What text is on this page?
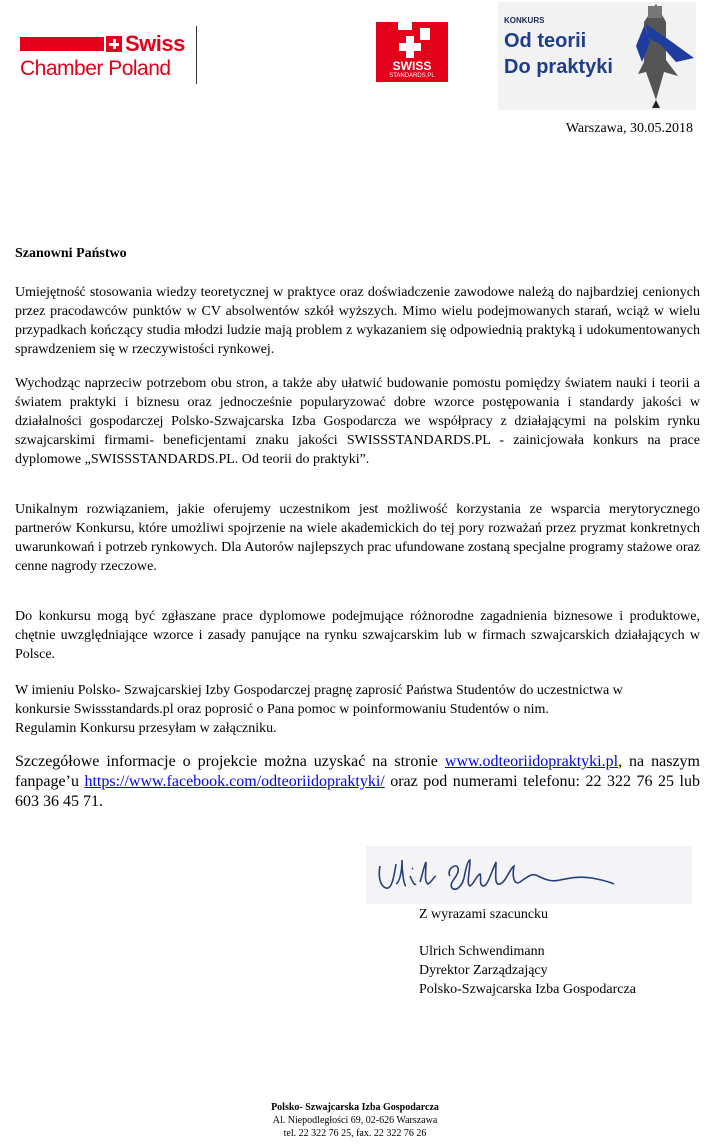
Swiss
Chamber Poland	SWISS
STANDARDS.PL
KONKURS
Od teorii
Do praktyki
Warszawa, 30.05.2018
Szanowni Państwo
Umiejętność stosowania wiedzy teoretycznej w praktyce oraz doświadczenie zawodowe należą do najbardziej cenionych przez pracodawców punktów w CV absolwentów szkół wyższych. Mimo wielu podejmowanych starań, wciąż w wielu przypadkach kończący studia młodzi ludzie mają problem z wykazaniem się odpowiednią praktyką i udokumentowanych sprawdzeniem się w rzeczywistości rynkowej.
Wychodząc naprzeciw potrzebom obu stron, a także aby ułatwić budowanie pomostu pomiędzy światem nauki i teorii a światem praktyki i biznesu oraz jednocześnie popularyzować dobre wzorce postępowania i standardy jakości w działalności gospodarczej Polsko-Szwajcarska Izba Gospodarcza we współpracy z działającymi na polskim rynku szwajcarskimi firmami- beneficjentami znaku jakości SWISSSTANDARDS.PL - zainicjowała konkurs na prace dyplomowe „SWISSSTANDARDS.PL. Od teorii do praktyki”.
Unikalnym rozwiązaniem, jakie oferujemy uczestnikom jest możliwość korzystania ze wsparcia merytorycznego partnerów Konkursu, które umożliwi spojrzenie na wiele akademickich do tej pory rozważań przez pryzmat konkretnych uwarunkowań i potrzeb rynkowych. Dla Autorów najlepszych prac ufundowane zostaną specjalne programy stażowe oraz cenne nagrody rzeczowe.
Do konkursu mogą być zgłaszane prace dyplomowe podejmujące różnorodne zagadnienia biznesowe i produktowe, chętnie uwzględniające wzorce i zasady panujące na rynku szwajcarskim lub w firmach szwajcarskich działających w Polsce.
W imieniu Polsko- Szwajcarskiej Izby Gospodarczej pragnę zaprosić Państwa Studentów do uczestnictwa w
konkursie Swissstandards.pl oraz poprosić o Pana pomoc w poinformowaniu Studentów o nim.
Regulamin Konkursu przesyłam w załączniku.
Szczegółowe informacje o projekcie można uzyskać na stronie www.odteoriidopraktyki.pl, na naszym fanpage’u https://www.facebook.com/odteoriidopraktyki/ oraz pod numerami telefonu: 22 322 76 25 lub 603 36 45 71.
Z wyrazami szacuncku
Ulrich Schwendimann
Dyrektor Zarządzający
Polsko-Szwajcarska Izba Gospodarcza
Polsko- Szwajcarska Izba Gospodarcza
Al. Niepodległości 69, 02-626 Warszawa
tel. 22 322 76 25, fax. 22 322 76 26
